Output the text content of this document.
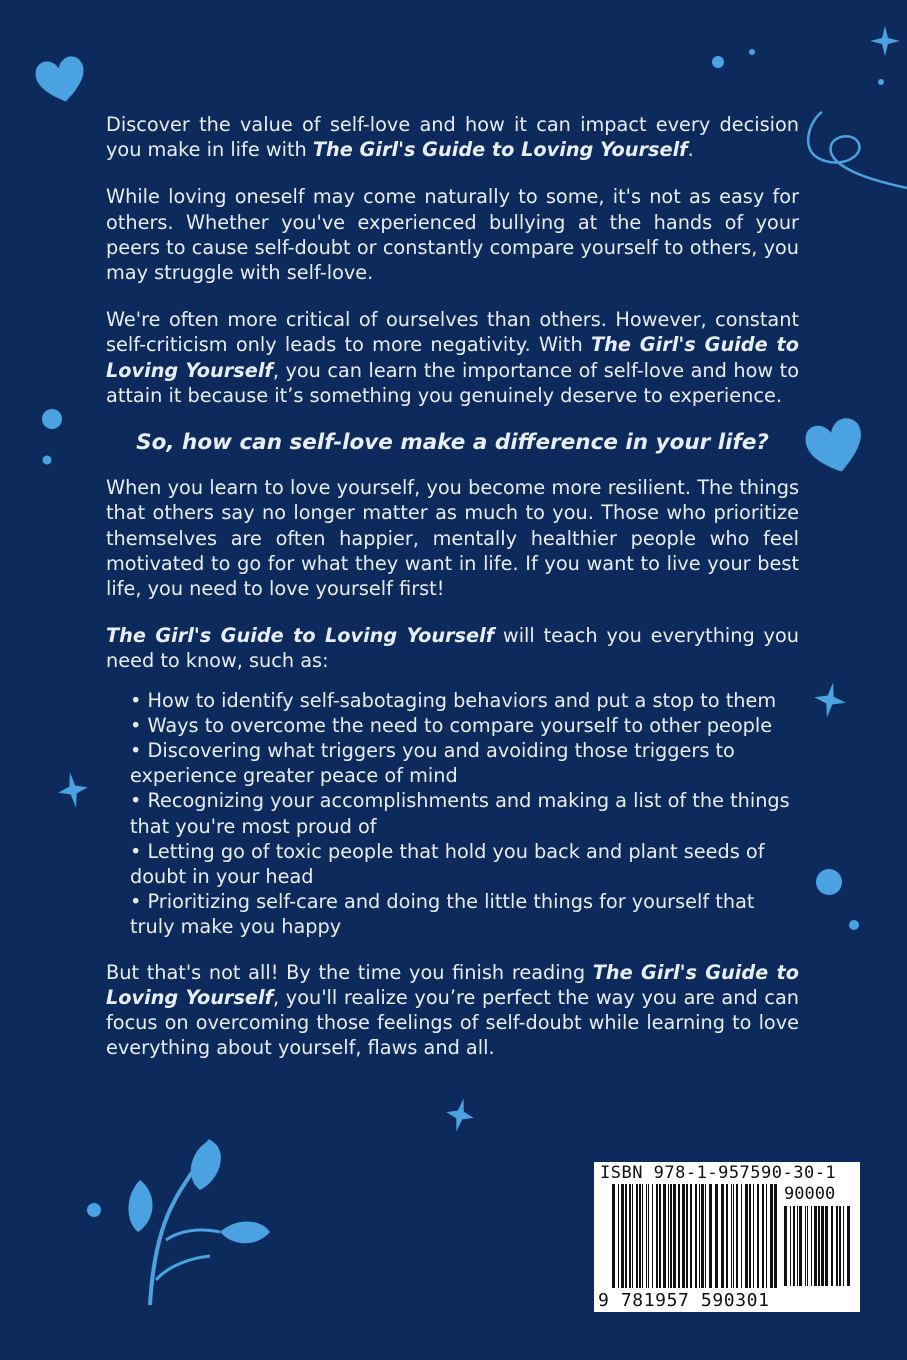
Discover the value of self-love and how it can impact every decision you make in life with The Girl's Guide to Loving Yourself.

While loving oneself may come naturally to some, it's not as easy for others. Whether you've experienced bullying at the hands of your peers to cause self-doubt or constantly compare yourself to others, you may struggle with self-love.

We're often more critical of ourselves than others. However, constant self-criticism only leads to more negativity. With The Girl's Guide to Loving Yourself, you can learn the importance of self-love and how to attain it because it’s something you genuinely deserve to experience.

So, how can self-love make a difference in your life?

When you learn to love yourself, you become more resilient. The things that others say no longer matter as much to you. Those who prioritize themselves are often happier, mentally healthier people who feel motivated to go for what they want in life. If you want to live your best life, you need to love yourself first!

The Girl's Guide to Loving Yourself will teach you everything you need to know, such as:

• How to identify self-sabotaging behaviors and put a stop to them
• Ways to overcome the need to compare yourself to other people
• Discovering what triggers you and avoiding those triggers to experience greater peace of mind
• Recognizing your accomplishments and making a list of the things that you're most proud of
• Letting go of toxic people that hold you back and plant seeds of doubt in your head
• Prioritizing self-care and doing the little things for yourself that truly make you happy

But that's not all! By the time you finish reading The Girl's Guide to Loving Yourself, you'll realize you’re perfect the way you are and can focus on overcoming those feelings of self-doubt while learning to love everything about yourself, flaws and all.

ISBN 978-1-957590-30-1
90000
9 781957 590301
